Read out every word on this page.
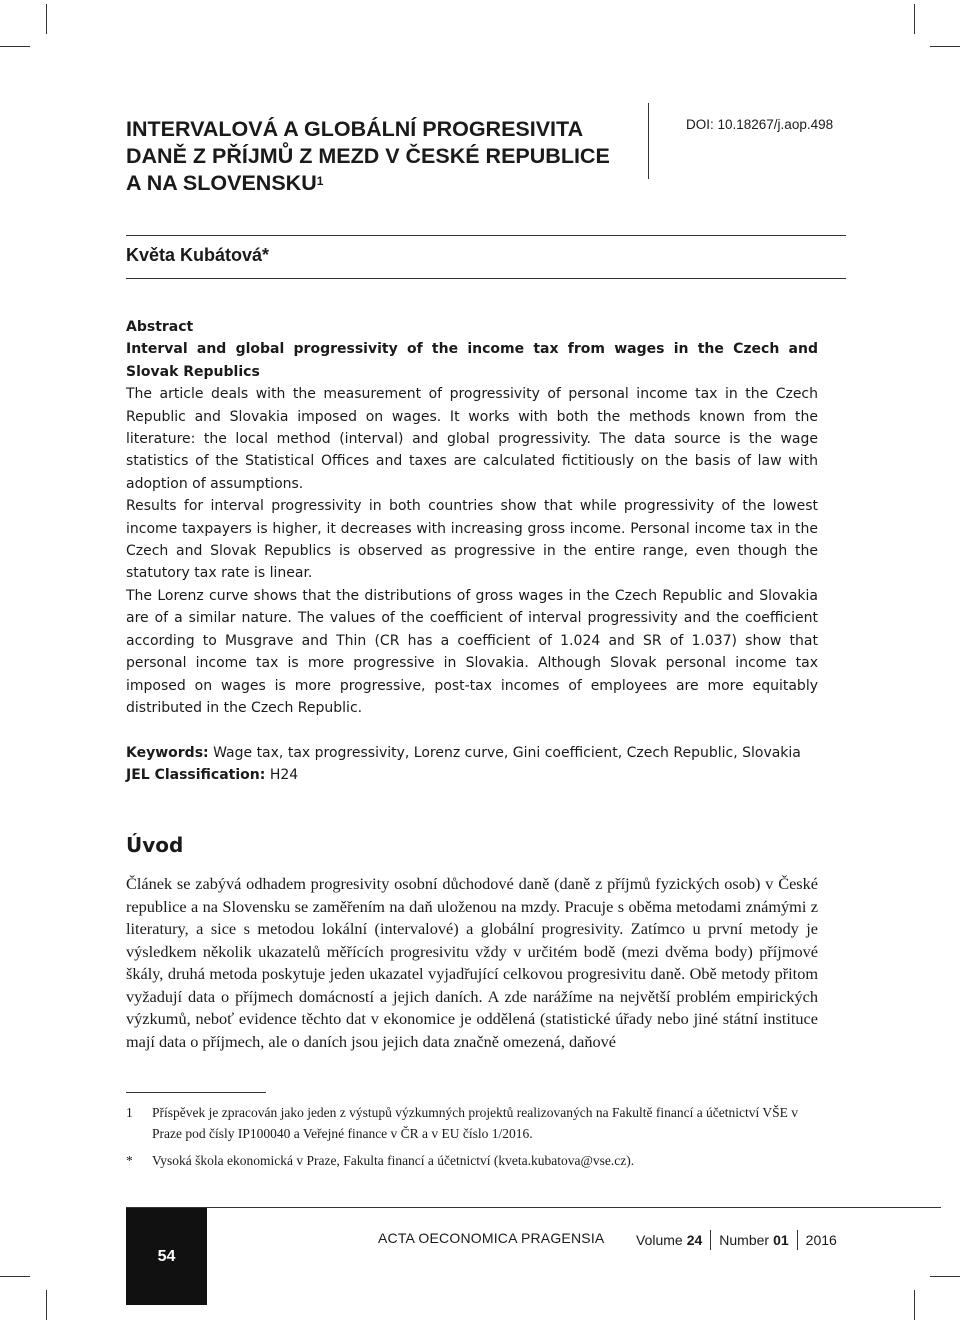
INTERVALOVÁ A GLOBÁLNÍ PROGRESIVITA
DANĚ Z PŘÍJMŮ Z MEZD V ČESKÉ REPUBLICE
A NA SLOVENSKU$^1$
DOI: 10.18267/j.aop.498
Květa Kubátová*
Abstract
Interval and global progressivity of the income tax from wages in the Czech and Slovak Republics

The article deals with the measurement of progressivity of personal income tax in the Czech Republic and Slovakia imposed on wages. It works with both the methods known from the literature: the local method (interval) and global progressivity. The data source is the wage statistics of the Statistical Offices and taxes are calculated fictitiously on the basis of law with adoption of assumptions.

Results for interval progressivity in both countries show that while progressivity of the lowest income taxpayers is higher, it decreases with increasing gross income. Personal income tax in the Czech and Slovak Republics is observed as progressive in the entire range, even though the statutory tax rate is linear.

The Lorenz curve shows that the distributions of gross wages in the Czech Republic and Slovakia are of a similar nature. The values of the coefficient of interval progressivity and the coefficient according to Musgrave and Thin (CR has a coefficient of 1.024 and SR of 1.037) show that personal income tax is more progressive in Slovakia. Although Slovak personal income tax imposed on wages is more progressive, post-tax incomes of employees are more equitably distributed in the Czech Republic.

Keywords: Wage tax, tax progressivity, Lorenz curve, Gini coefficient, Czech Republic, Slovakia
JEL Classification: H24
Úvod

Článek se zabývá odhadem progresivity osobní důchodové daně (daně z příjmů fyzických osob) v České republice a na Slovensku se zaměřením na daň uloženou na mzdy. Pracuje s oběma metodami známými z literatury, a sice s metodou lokální (intervalové) a globální progresivity. Zatímco u první metody je výsledkem několik ukazatelů měřících progresivitu vždy v určitém bodě (mezi dvěma body) příjmové škály, druhá metoda poskytuje jeden ukazatel vyjadřující celkovou progresivitu daně. Obě metody přitom vyžadují data o příjmech domácností a jejich daních. A zde narážíme na největší problém empirických výzkumů, neboť evidence těchto dat v ekonomice je oddělená (statistické úřady nebo jiné státní instituce mají data o příjmech, ale o daních jsou jejich data značně omezená, daňové

1	Příspěvek je zpracován jako jeden z výstupů výzkumných projektů realizovaných na Fakultě financí a účetnictví VŠE v Praze pod čísly IP100040 a Veřejné finance v ČR a v EU číslo 1/2016.
*	Vysoká škola ekonomická v Praze, Fakulta financí a účetnictví (kveta.kubatova@vse.cz).
54
ACTA OECONOMICA PRAGENSIA Volume 24 Number 01 2016
